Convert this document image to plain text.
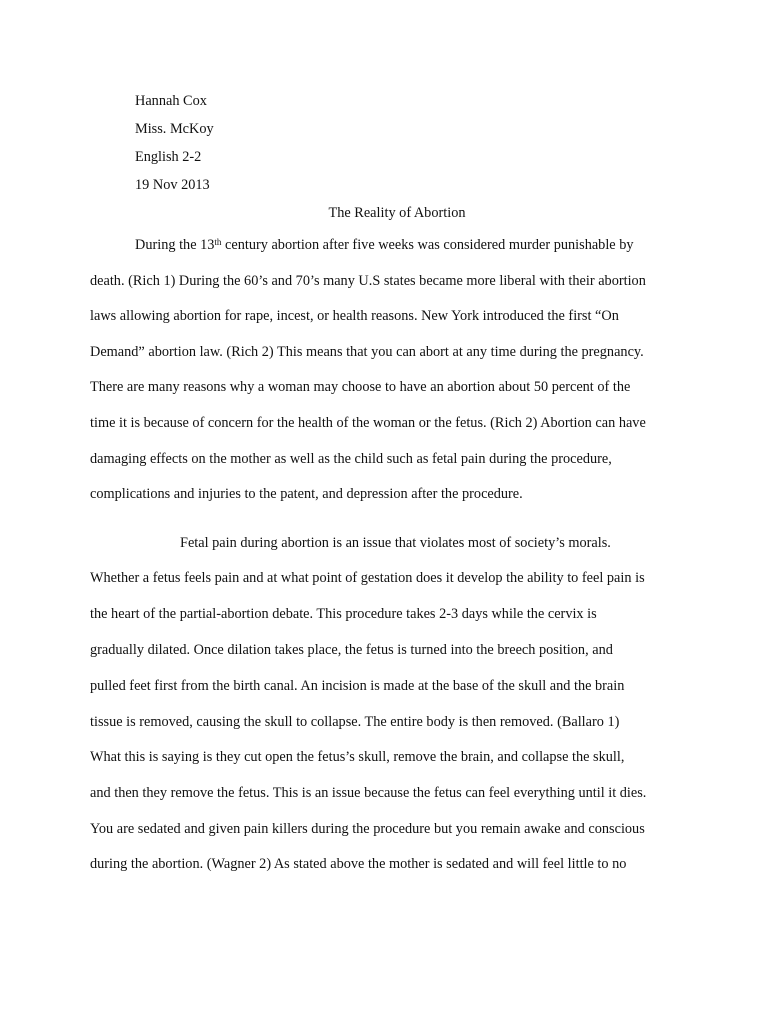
Hannah Cox
Miss. McKoy
English 2-2
19 Nov 2013
The Reality of Abortion
During the 13th century abortion after five weeks was considered murder punishable by
death. (Rich 1) During the 60’s and 70’s many U.S states became more liberal with their abortion
laws allowing abortion for rape, incest, or health reasons. New York introduced the first “On
Demand” abortion law. (Rich 2) This means that you can abort at any time during the pregnancy.
There are many reasons why a woman may choose to have an abortion about 50 percent of the
time it is because of concern for the health of the woman or the fetus. (Rich 2) Abortion can have
damaging effects on the mother as well as the child such as fetal pain during the procedure,
complications and injuries to the patent, and depression after the procedure.
Fetal pain during abortion is an issue that violates most of society’s morals.
Whether a fetus feels pain and at what point of gestation does it develop the ability to feel pain is
the heart of the partial-abortion debate. This procedure takes 2-3 days while the cervix is
gradually dilated. Once dilation takes place, the fetus is turned into the breech position, and
pulled feet first from the birth canal. An incision is made at the base of the skull and the brain
tissue is removed, causing the skull to collapse. The entire body is then removed. (Ballaro 1)
What this is saying is they cut open the fetus’s skull, remove the brain, and collapse the skull,
and then they remove the fetus. This is an issue because the fetus can feel everything until it dies.
You are sedated and given pain killers during the procedure but you remain awake and conscious
during the abortion. (Wagner 2) As stated above the mother is sedated and will feel little to no
